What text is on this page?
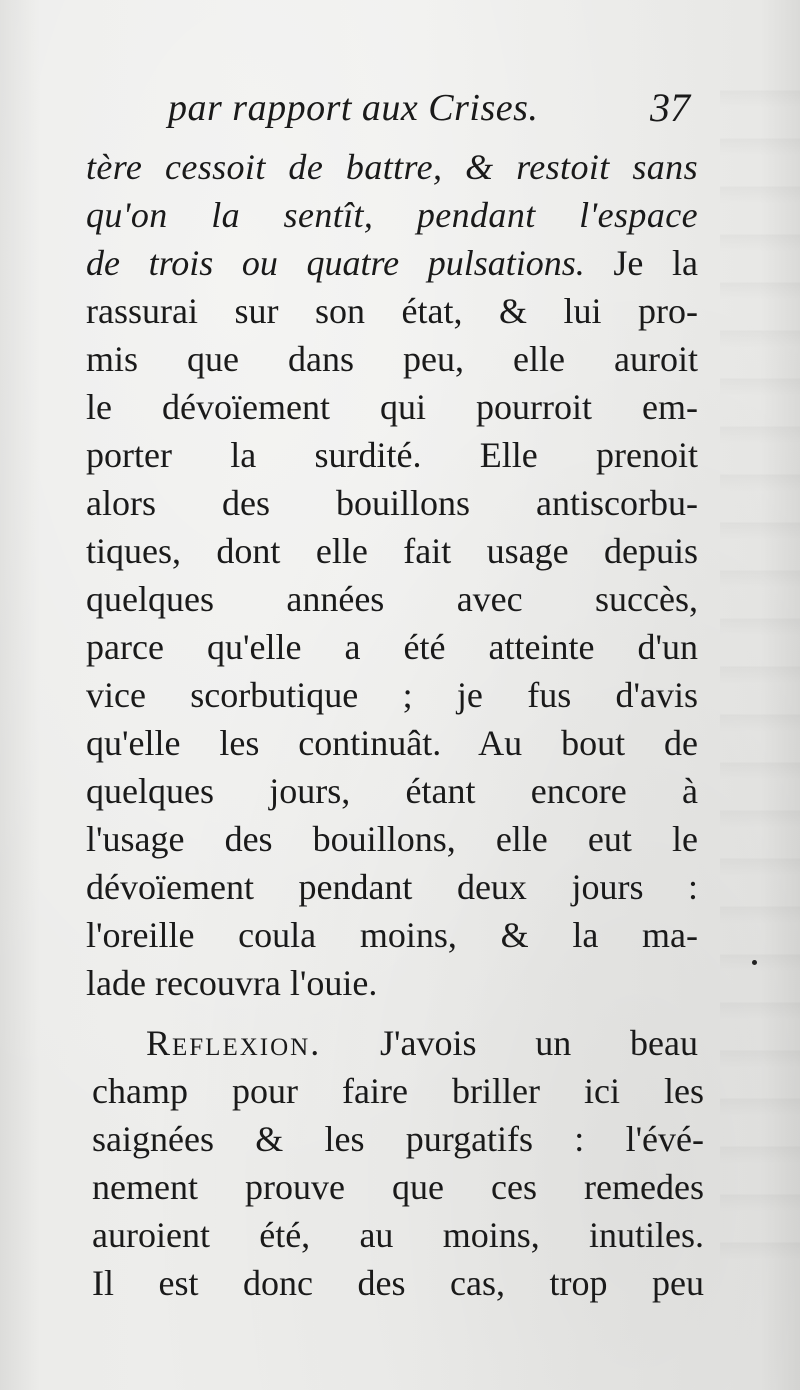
par rapport aux Crises.	37
tère cessoit de battre, & restoit sans
qu'on la sentît, pendant l'espace
de trois ou quatre pulsations. Je la
rassurai sur son état, & lui pro-
mis que dans peu, elle auroit
le dévoïement qui pourroit em-
porter la surdité. Elle prenoit
alors des bouillons antiscorbu-
tiques, dont elle fait usage depuis
quelques années avec succès,
parce qu'elle a été atteinte d'un
vice scorbutique ; je fus d'avis
qu'elle les continuât. Au bout de
quelques jours, étant encore à
l'usage des bouillons, elle eut le
dévoïement pendant deux jours :
l'oreille coula moins, & la ma-
lade recouvra l'ouie.
Reflexion. J'avois un beau
champ pour faire briller ici les
saignées & les purgatifs : l'évé-
nement prouve que ces remedes
auroient été, au moins, inutiles.
Il est donc des cas, trop peu
